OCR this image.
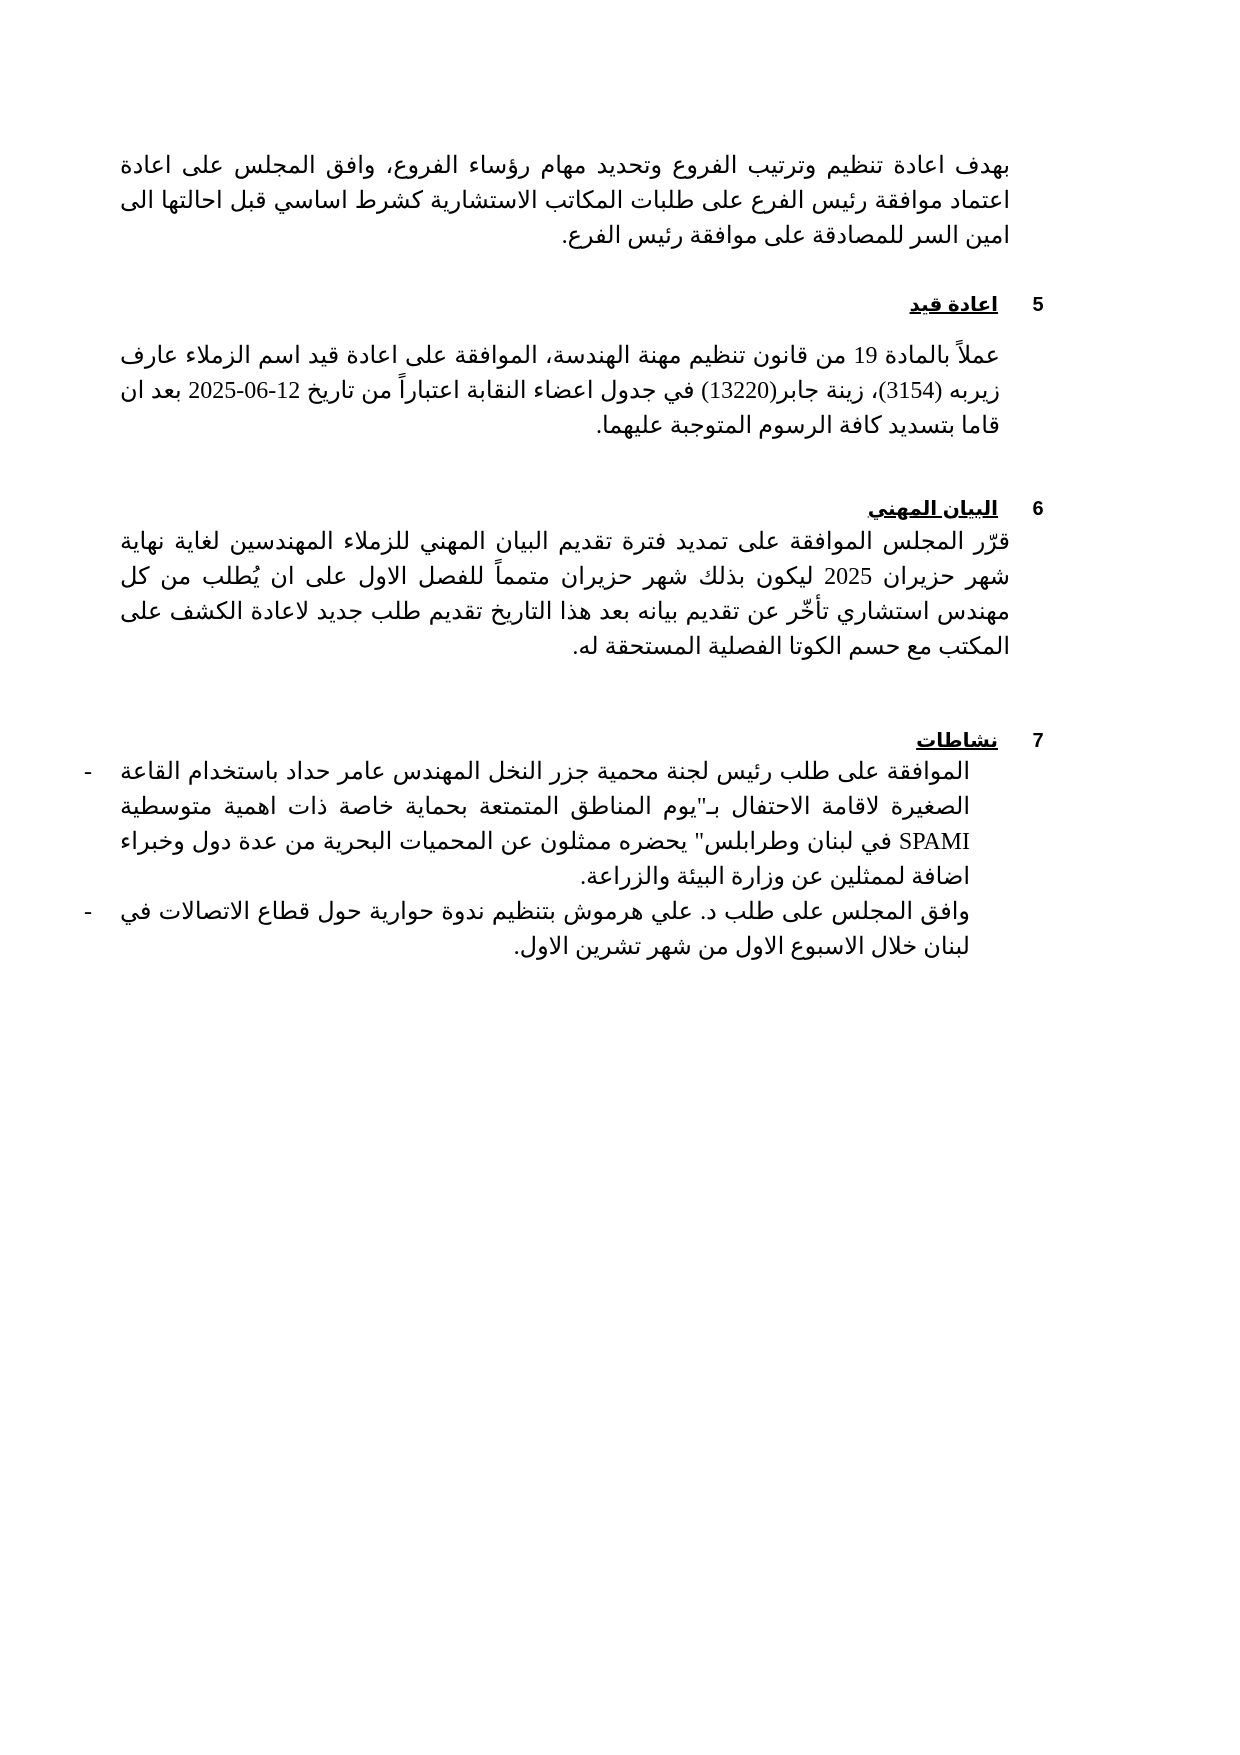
بهدف اعادة تنظيم وترتيب الفروع وتحديد مهام رؤساء الفروع، وافق المجلس على اعادة اعتماد موافقة رئيس الفرع على طلبات المكاتب الاستشارية كشرط اساسي قبل احالتها الى امين السر للمصادقة على موافقة رئيس الفرع.

5
اعادة قيد

عملاً بالمادة 19 من قانون تنظيم مهنة الهندسة، الموافقة على اعادة قيد اسم الزملاء عارف زيربه (3154)، زينة جابر(13220) في جدول اعضاء النقابة اعتباراً من تاريخ 12-06-2025 بعد ان قاما بتسديد كافة الرسوم المتوجبة عليهما.

6
البيان المهني

قرّر المجلس الموافقة على تمديد فترة تقديم البيان المهني للزملاء المهندسين لغاية نهاية شهر حزيران 2025 ليكون بذلك شهر حزيران متمماً للفصل الاول على ان يُطلب من كل مهندس استشاري تأخّر عن تقديم بيانه بعد هذا التاريخ تقديم طلب جديد لاعادة الكشف على المكتب مع حسم الكوتا الفصلية المستحقة له.

7
نشاطات
الموافقة على طلب رئيس لجنة محمية جزر النخل المهندس عامر حداد باستخدام القاعة الصغيرة لاقامة الاحتفال بـ"يوم المناطق المتمتعة بحماية خاصة ذات اهمية متوسطية SPAMI في لبنان وطرابلس" يحضره ممثلون عن المحميات البحرية من عدة دول وخبراء اضافة لممثلين عن وزارة البيئة والزراعة.
-
وافق المجلس على طلب د. علي هرموش بتنظيم ندوة حوارية حول قطاع الاتصالات في لبنان خلال الاسبوع الاول من شهر تشرين الاول.
-
